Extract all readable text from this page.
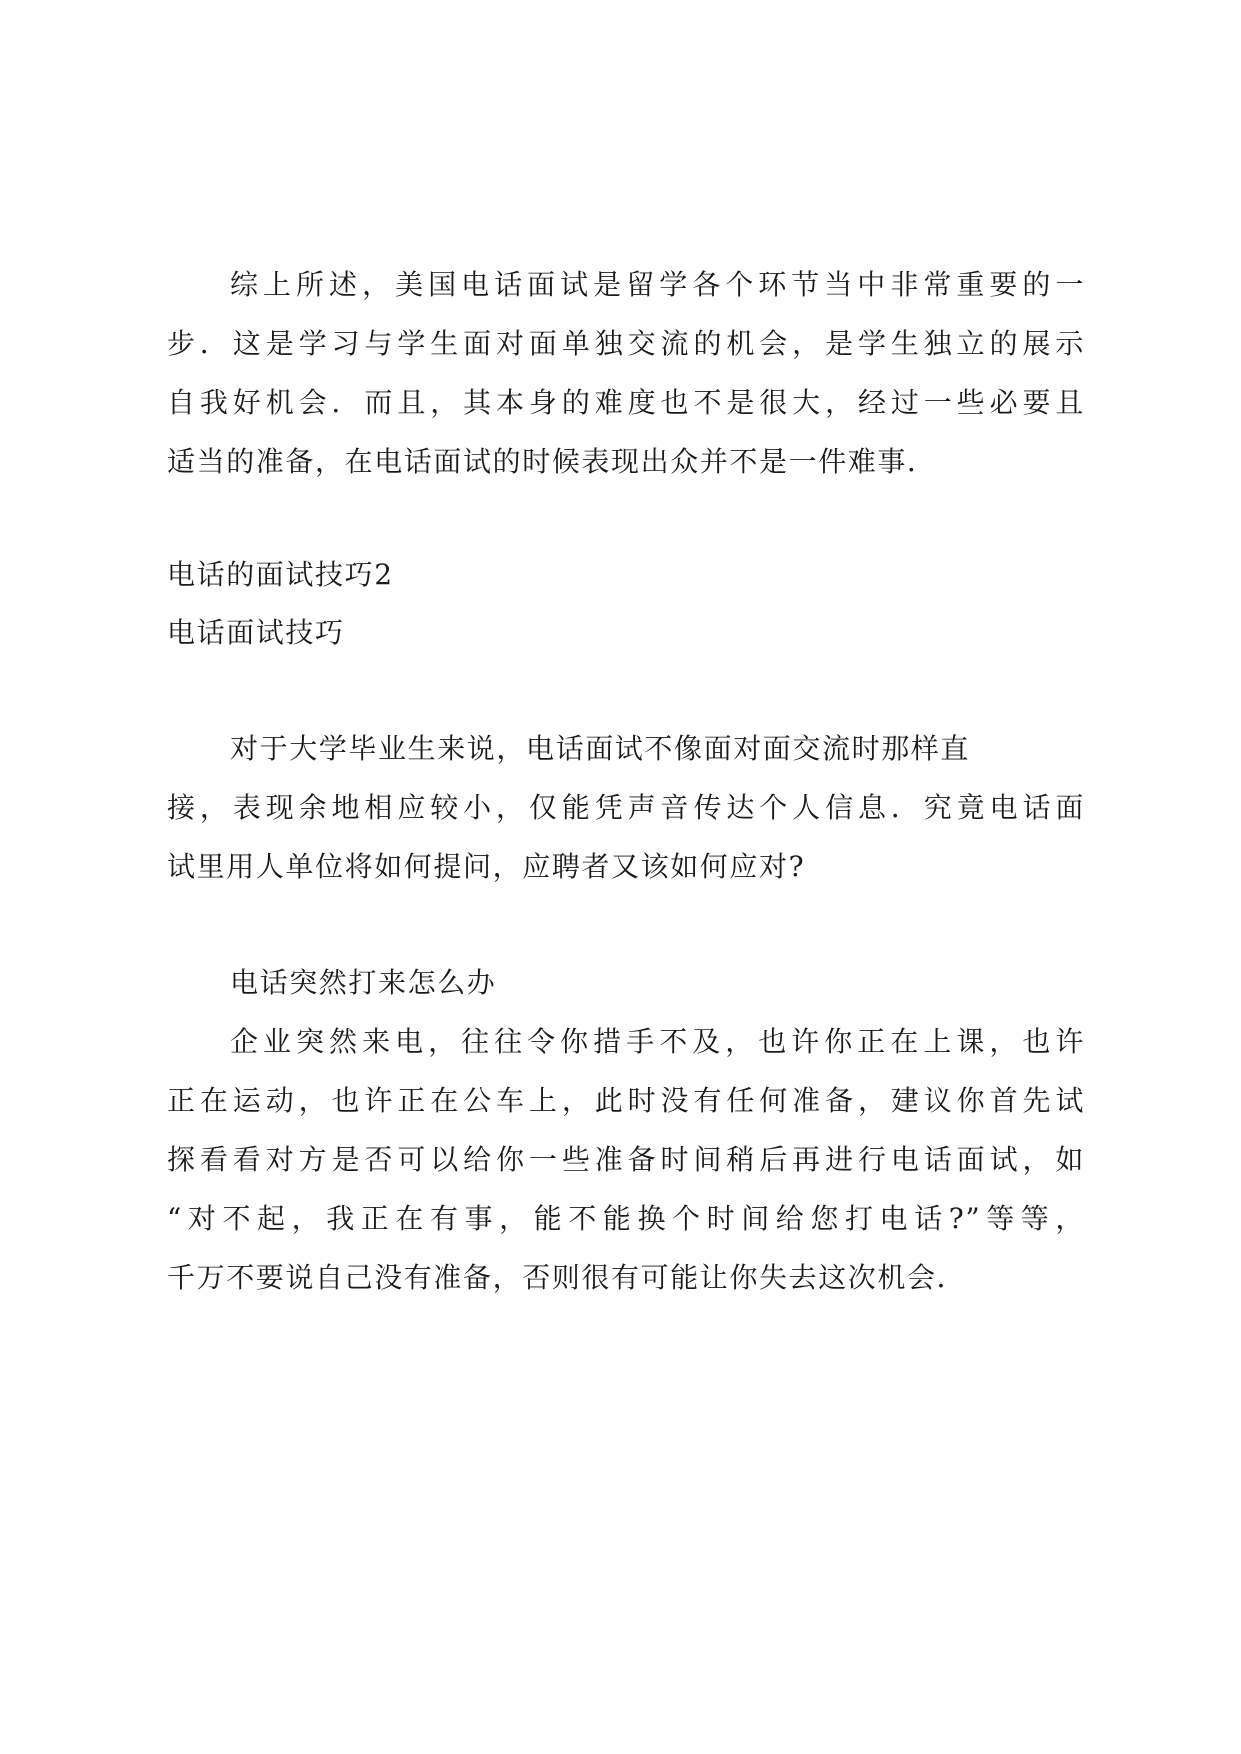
综上所述，美国电话面试是留学各个环节当中非常重要的一
步．这是学习与学生面对面单独交流的机会，是学生独立的展示
自我好机会．而且，其本身的难度也不是很大，经过一些必要且
适当的准备，在电话面试的时候表现出众并不是一件难事．
电话的面试技巧2
电话面试技巧
对于大学毕业生来说，电话面试不像面对面交流时那样直
接，表现余地相应较小，仅能凭声音传达个人信息．究竟电话面
试里用人单位将如何提问，应聘者又该如何应对?
电话突然打来怎么办
企业突然来电，往往令你措手不及，也许你正在上课，也许
正在运动，也许正在公车上，此时没有任何准备，建议你首先试
探看看对方是否可以给你一些准备时间稍后再进行电话面试，如
“对不起，我正在有事，能不能换个时间给您打电话?”等等，
千万不要说自己没有准备，否则很有可能让你失去这次机会．
